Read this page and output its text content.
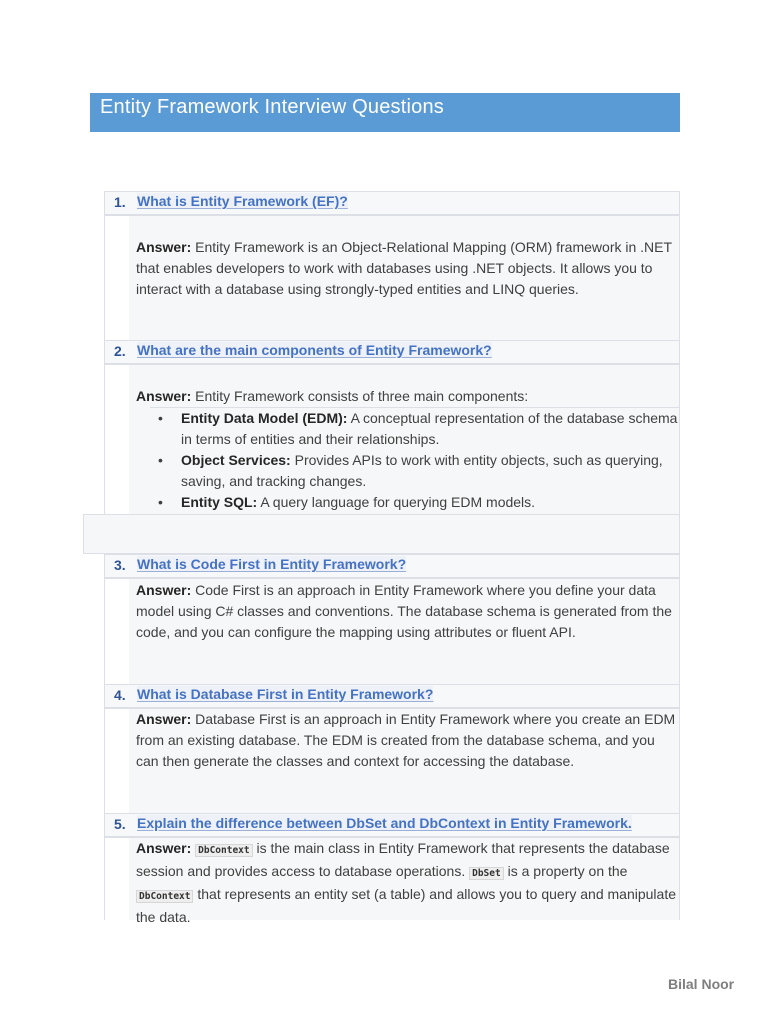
Entity Framework Interview Questions
1. What is Entity Framework (EF)?
Answer: Entity Framework is an Object-Relational Mapping (ORM) framework in .NET that enables developers to work with databases using .NET objects. It allows you to interact with a database using strongly-typed entities and LINQ queries.
2. What are the main components of Entity Framework?
Answer: Entity Framework consists of three main components:
• Entity Data Model (EDM): A conceptual representation of the database schema in terms of entities and their relationships.
• Object Services: Provides APIs to work with entity objects, such as querying, saving, and tracking changes.
• Entity SQL: A query language for querying EDM models.
3. What is Code First in Entity Framework?
Answer: Code First is an approach in Entity Framework where you define your data model using C# classes and conventions. The database schema is generated from the code, and you can configure the mapping using attributes or fluent API.
4. What is Database First in Entity Framework?
Answer: Database First is an approach in Entity Framework where you create an EDM from an existing database. The EDM is created from the database schema, and you can then generate the classes and context for accessing the database.
5. Explain the difference between DbSet and DbContext in Entity Framework.
Answer: DbContext is the main class in Entity Framework that represents the database session and provides access to database operations. DbSet is a property on the DbContext that represents an entity set (a table) and allows you to query and manipulate the data.
Bilal Noor
